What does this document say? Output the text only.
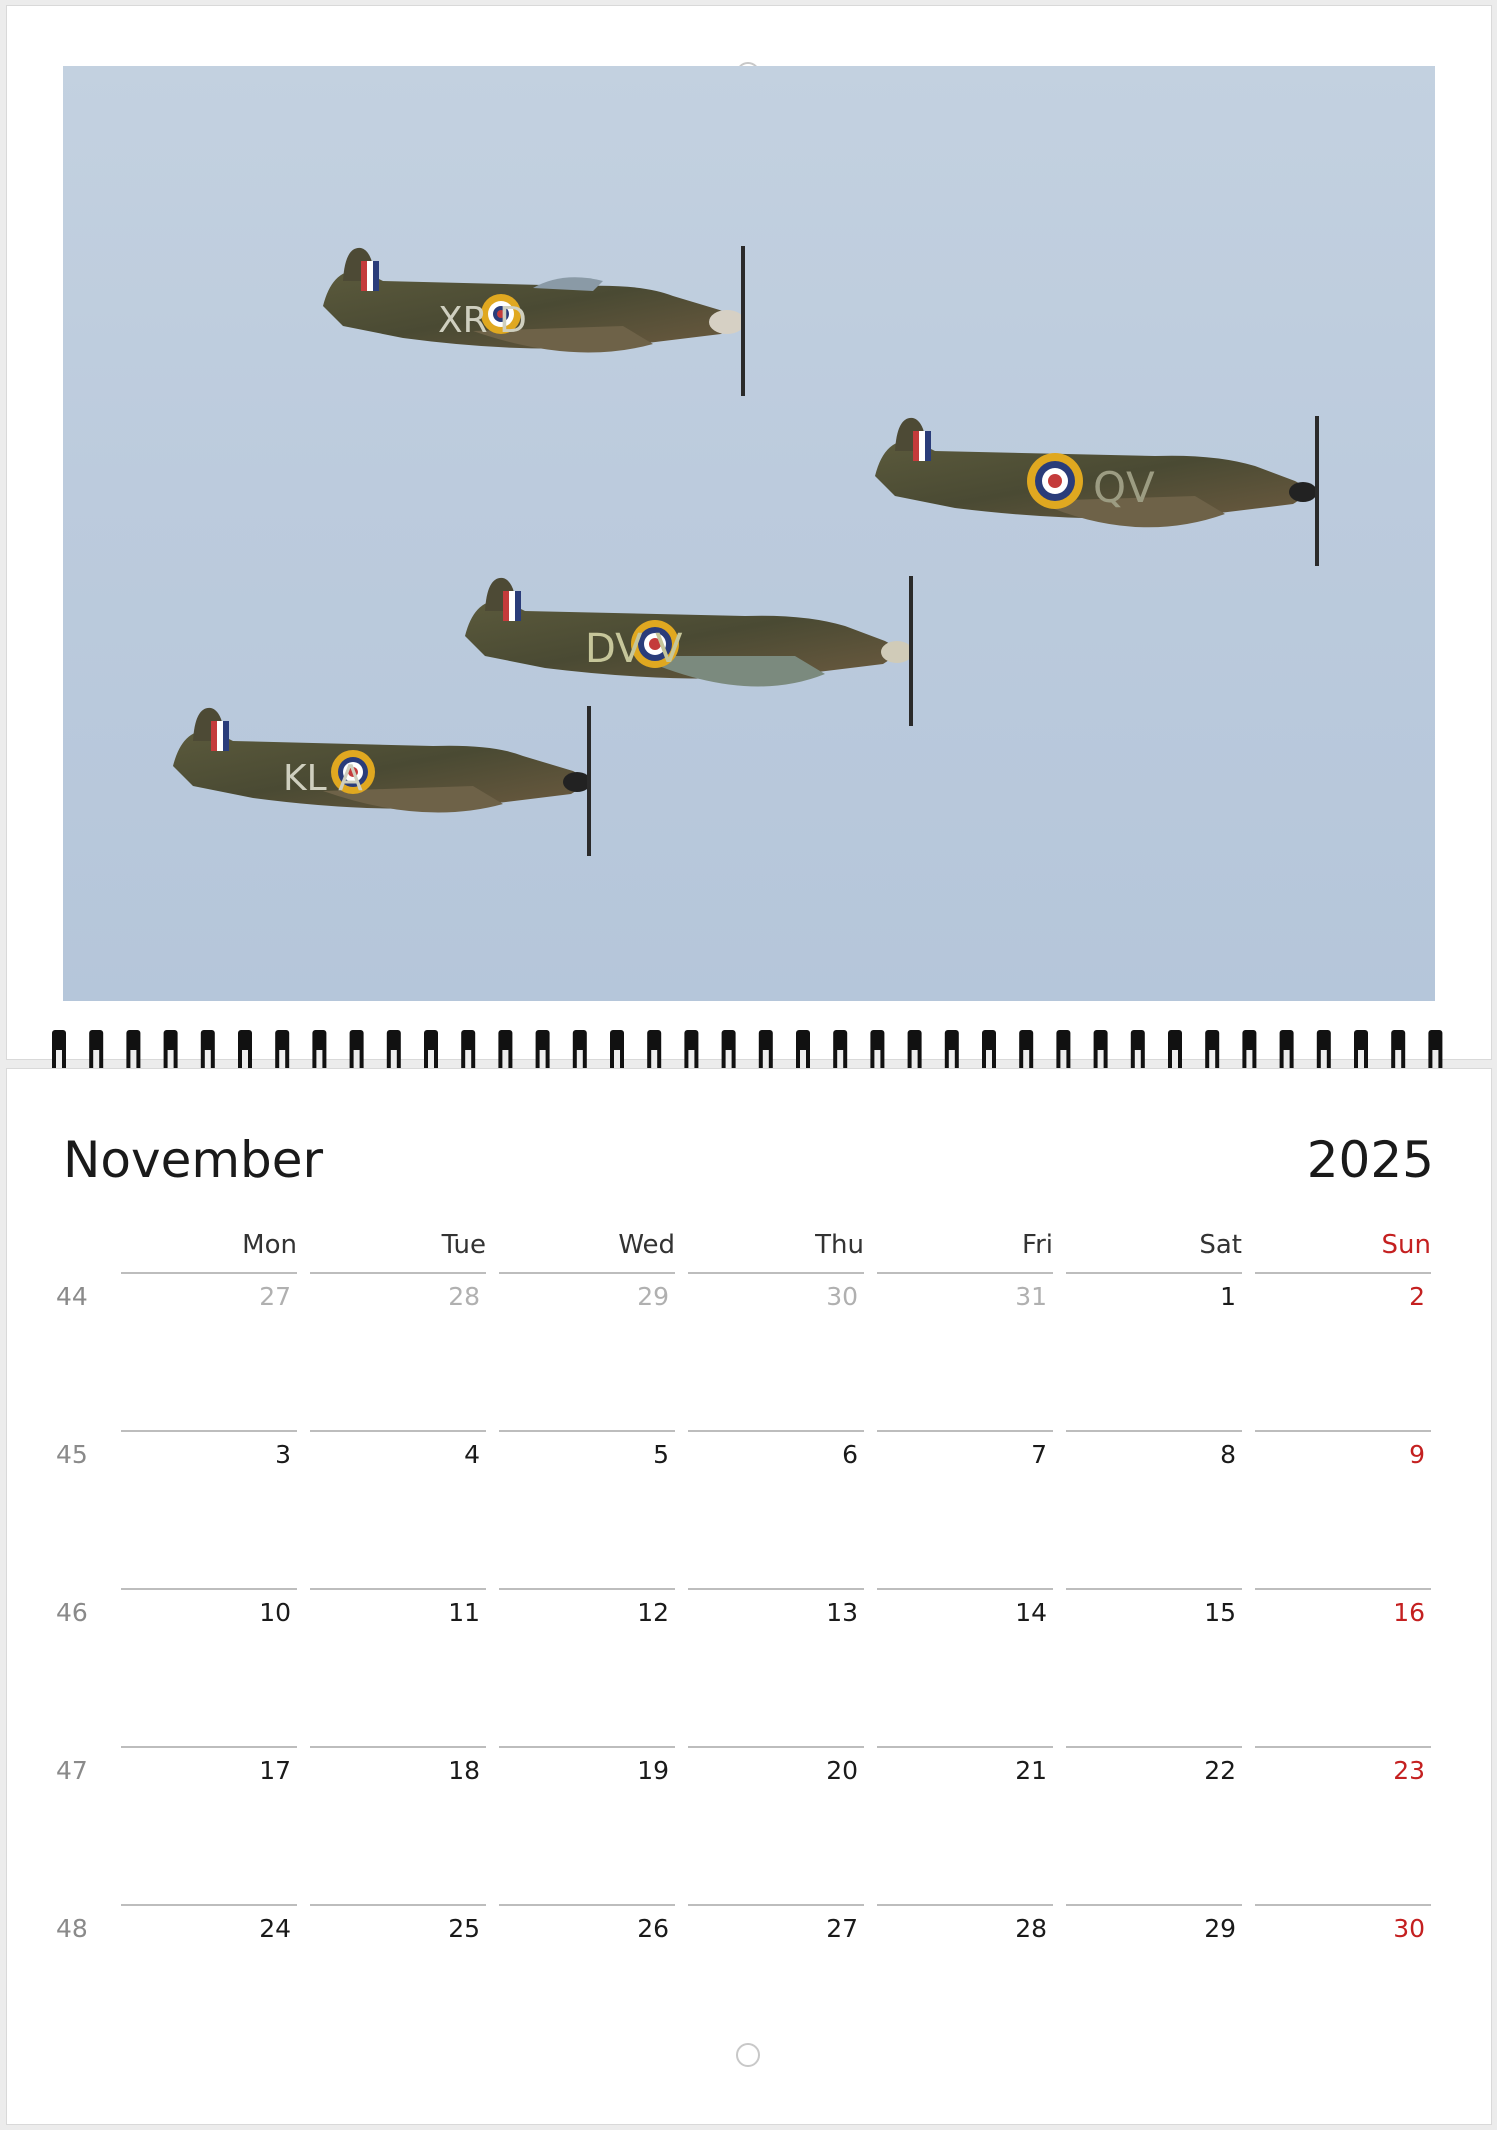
XR D
QV
DV V
KL A
November	2025
Mon	Tue	Wed	Thu	Fri	Sat	Sun
44	27	28	29	30	31	1	2
45	3	4	5	6	7	8	9
46	10	11	12	13	14	15	16
47	17	18	19	20	21	22	23
48	24	25	26	27	28	29	30
